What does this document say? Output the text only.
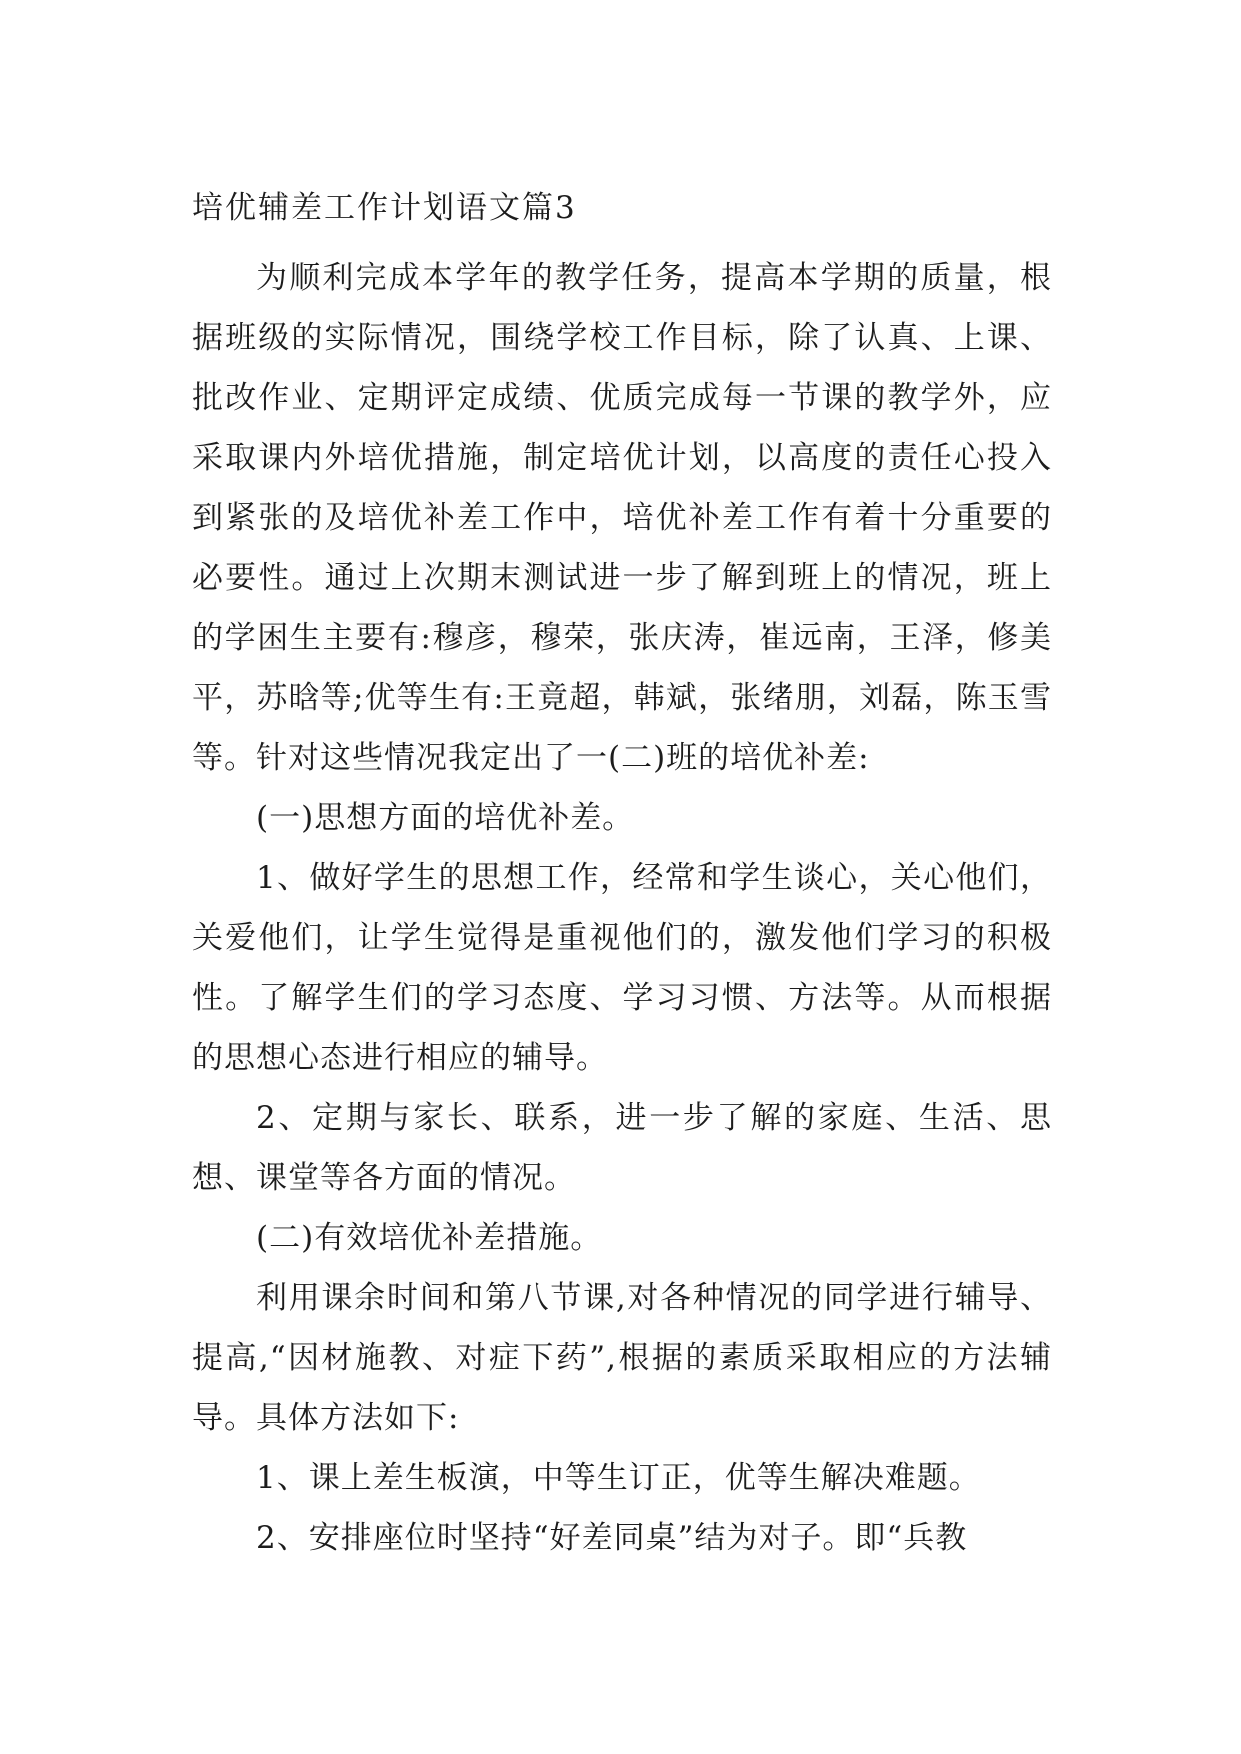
培优辅差工作计划语文篇3

为顺利完成本学年的教学任务，提高本学期的质量，根据班级的实际情况，围绕学校工作目标，除了认真、上课、批改作业、定期评定成绩、优质完成每一节课的教学外，应采取课内外培优措施，制定培优计划，以高度的责任心投入到紧张的及培优补差工作中，培优补差工作有着十分重要的必要性。通过上次期末测试进一步了解到班上的情况，班上的学困生主要有:穆彦，穆荣，张庆涛，崔远南，王泽，修美平，苏晗等;优等生有:王竟超，韩斌，张绪朋，刘磊，陈玉雪等。针对这些情况我定出了一(二)班的培优补差:

(一)思想方面的培优补差。

1、做好学生的思想工作，经常和学生谈心，关心他们，关爱他们，让学生觉得是重视他们的，激发他们学习的积极性。了解学生们的学习态度、学习习惯、方法等。从而根据的思想心态进行相应的辅导。

2、定期与家长、联系，进一步了解的家庭、生活、思想、课堂等各方面的情况。

(二)有效培优补差措施。

利用课余时间和第八节课,对各种情况的同学进行辅导、提高,“因材施教、对症下药”,根据的素质采取相应的方法辅导。具体方法如下:

1、课上差生板演，中等生订正，优等生解决难题。

2、安排座位时坚持“好差同桌”结为对子。即“兵教
